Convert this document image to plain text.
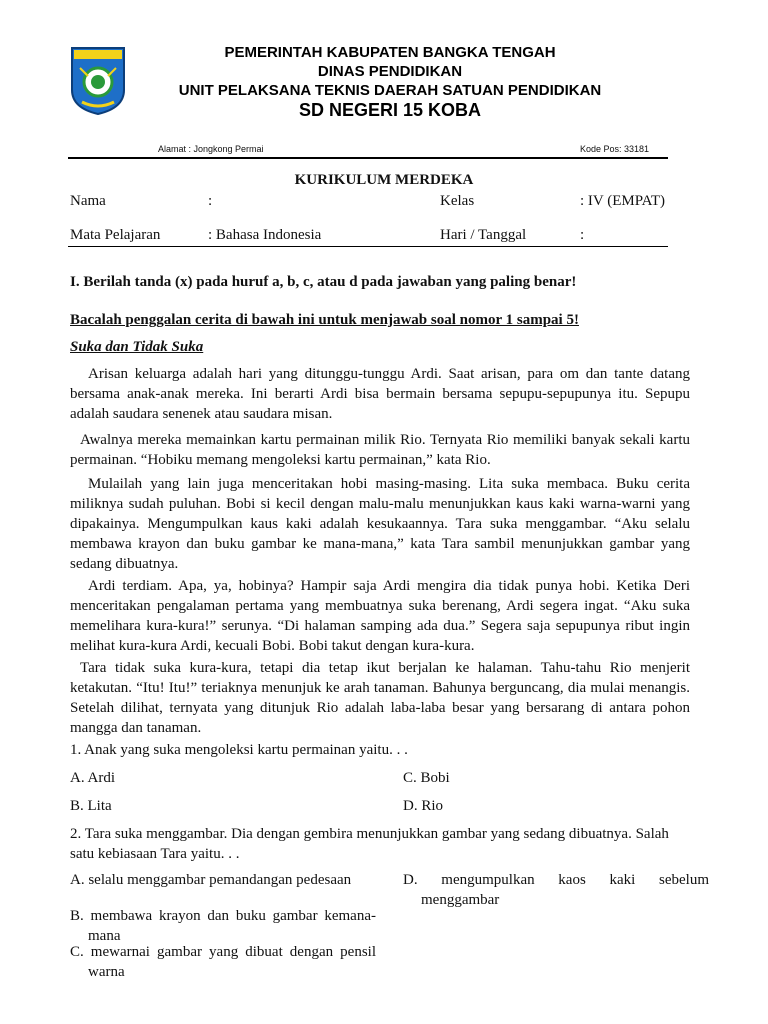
PEMERINTAH KABUPATEN BANGKA TENGAH
DINAS PENDIDIKAN
UNIT PELAKSANA TEKNIS DAERAH SATUAN PENDIDIKAN
SD NEGERI 15 KOBA
Alamat : Jongkong Permai	Kode Pos: 33181
KURIKULUM MERDEKA
Nama	:	Kelas	: IV (EMPAT)
Mata Pelajaran	: Bahasa Indonesia	Hari / Tanggal	:
I. Berilah tanda (x) pada huruf a, b, c, atau d pada jawaban yang paling benar!
Bacalah penggalan cerita di bawah ini untuk menjawab soal nomor 1 sampai 5!
Suka dan Tidak Suka
Arisan keluarga adalah hari yang ditunggu-tunggu Ardi. Saat arisan, para om dan tante datang bersama anak-anak mereka. Ini berarti Ardi bisa bermain bersama sepupu-sepupunya itu. Sepupu adalah saudara senenek atau saudara misan.
Awalnya mereka memainkan kartu permainan milik Rio. Ternyata Rio memiliki banyak sekali kartu permainan. “Hobiku memang mengoleksi kartu permainan,” kata Rio.
Mulailah yang lain juga menceritakan hobi masing-masing. Lita suka membaca. Buku cerita miliknya sudah puluhan. Bobi si kecil dengan malu-malu menunjukkan kaus kaki warna-warni yang dipakainya. Mengumpulkan kaus kaki adalah kesukaannya. Tara suka menggambar. “Aku selalu membawa krayon dan buku gambar ke mana-mana,” kata Tara sambil menunjukkan gambar yang sedang dibuatnya.
Ardi terdiam. Apa, ya, hobinya? Hampir saja Ardi mengira dia tidak punya hobi. Ketika Deri menceritakan pengalaman pertama yang membuatnya suka berenang, Ardi segera ingat. “Aku suka memelihara kura-kura!” serunya. “Di halaman samping ada dua.” Segera saja sepupunya ribut ingin melihat kura-kura Ardi, kecuali Bobi. Bobi takut dengan kura-kura.
Tara tidak suka kura-kura, tetapi dia tetap ikut berjalan ke halaman. Tahu-tahu Rio menjerit ketakutan. “Itu! Itu!” teriaknya menunjuk ke arah tanaman. Bahunya berguncang, dia mulai menangis. Setelah dilihat, ternyata yang ditunjuk Rio adalah laba-laba besar yang bersarang di antara pohon mangga dan tanaman.
1. Anak yang suka mengoleksi kartu permainan yaitu. . .
A. Ardi	C. Bobi
B. Lita	D. Rio
2. Tara suka menggambar. Dia dengan gembira menunjukkan gambar yang sedang dibuatnya. Salah satu kebiasaan Tara yaitu. . .
A. selalu menggambar pemandangan pedesaan
B. membawa krayon dan buku gambar kemana-mana
C. mewarnai gambar yang dibuat dengan pensil warna
D. mengumpulkan kaos kaki sebelum menggambar
